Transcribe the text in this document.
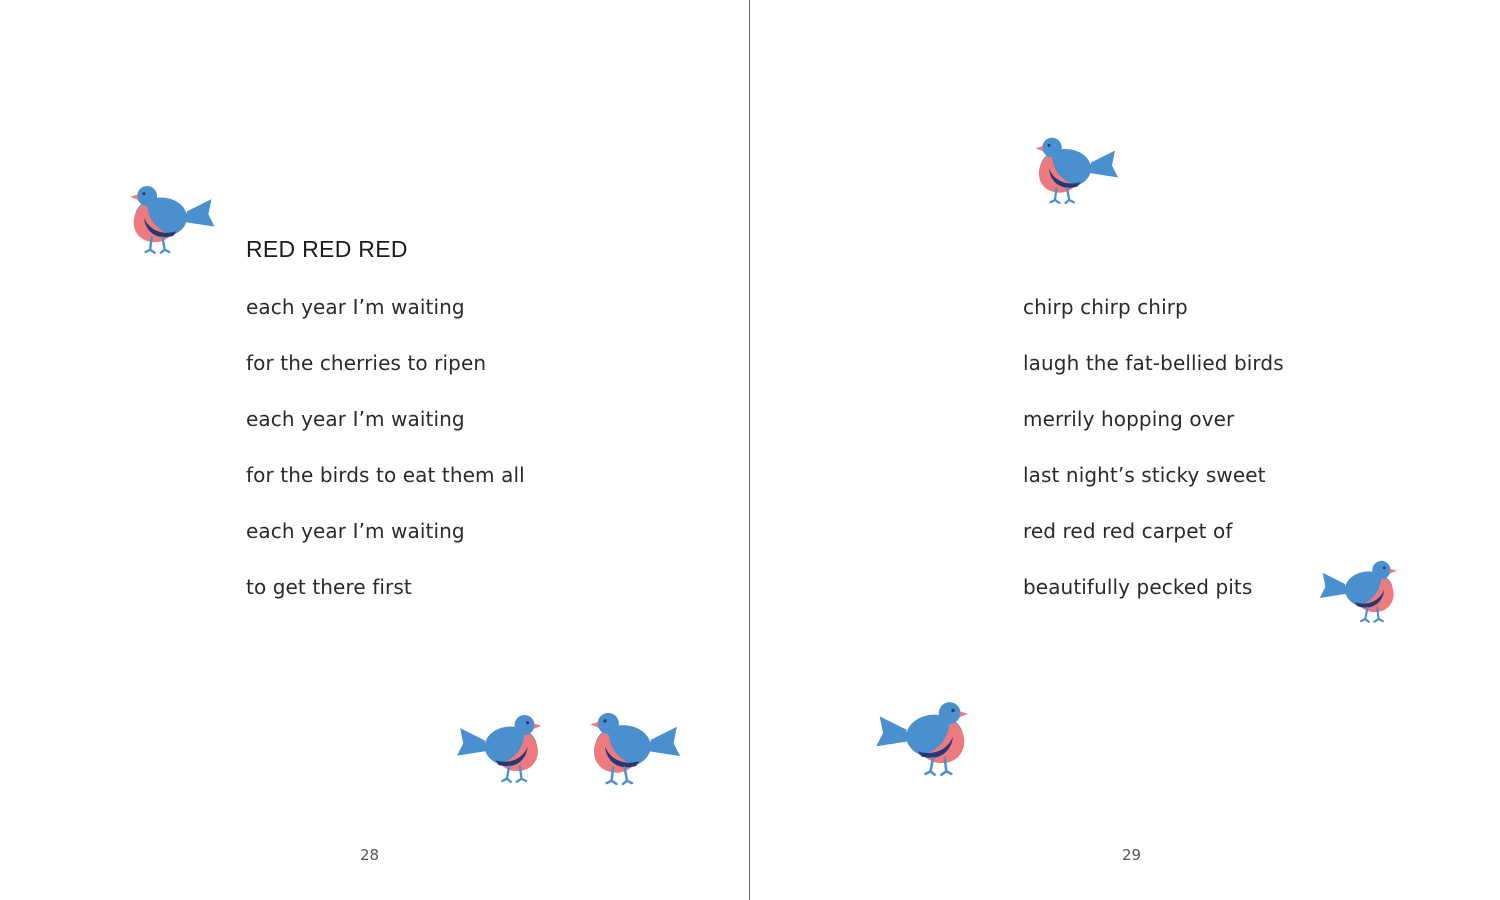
RED RED RED

each year I’m waiting

for the cherries to ripen

each year I’m waiting

for the birds to eat them all

each year I’m waiting

to get there first

28

chirp chirp chirp

laugh the fat-bellied birds

merrily hopping over

last night’s sticky sweet

red red red carpet of

beautifully pecked pits

29
